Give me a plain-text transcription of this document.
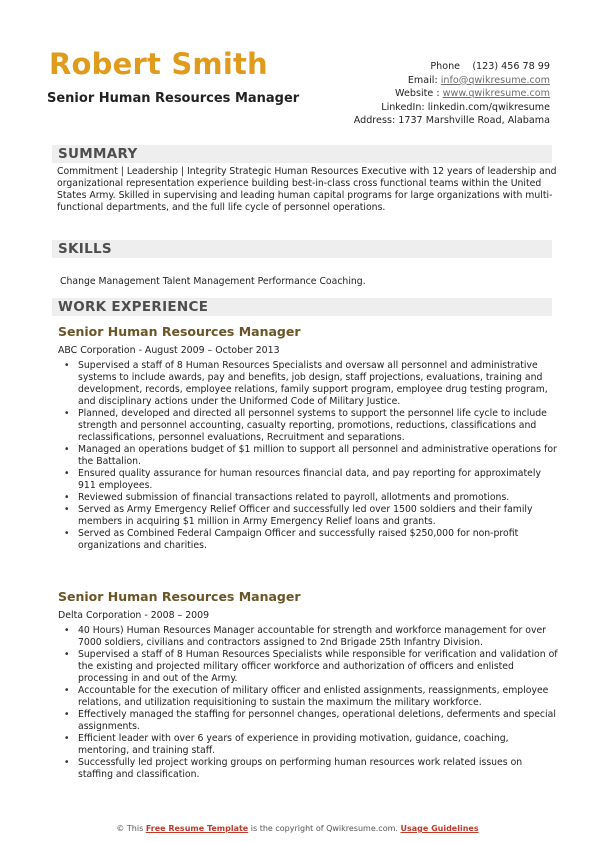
Robert Smith
Senior Human Resources Manager
Phone (123) 456 78 99
Email: info@qwikresume.com
Website : www.qwikresume.com
LinkedIn: linkedin.com/qwikresume
Address: 1737 Marshville Road, Alabama
SUMMARY
Commitment | Leadership | Integrity Strategic Human Resources Executive with 12 years of leadership and organizational representation experience building best-in-class cross functional teams within the United States Army. Skilled in supervising and leading human capital programs for large organizations with multi-functional departments, and the full life cycle of personnel operations.
SKILLS
Change Management Talent Management Performance Coaching.
WORK EXPERIENCE
Senior Human Resources Manager
ABC Corporation - August 2009 – October 2013
• Supervised a staff of 8 Human Resources Specialists and oversaw all personnel and administrative systems to include awards, pay and benefits, job design, staff projections, evaluations, training and development, records, employee relations, family support program, employee drug testing program, and disciplinary actions under the Uniformed Code of Military Justice.
• Planned, developed and directed all personnel systems to support the personnel life cycle to include strength and personnel accounting, casualty reporting, promotions, reductions, classifications and reclassifications, personnel evaluations, Recruitment and separations.
• Managed an operations budget of $1 million to support all personnel and administrative operations for the Battalion.
• Ensured quality assurance for human resources financial data, and pay reporting for approximately 911 employees.
• Reviewed submission of financial transactions related to payroll, allotments and promotions.
• Served as Army Emergency Relief Officer and successfully led over 1500 soldiers and their family members in acquiring $1 million in Army Emergency Relief loans and grants.
• Served as Combined Federal Campaign Officer and successfully raised $250,000 for non-profit organizations and charities.
Senior Human Resources Manager
Delta Corporation - 2008 – 2009
• 40 Hours) Human Resources Manager accountable for strength and workforce management for over 7000 soldiers, civilians and contractors assigned to 2nd Brigade 25th Infantry Division.
• Supervised a staff of 8 Human Resources Specialists while responsible for verification and validation of the existing and projected military officer workforce and authorization of officers and enlisted processing in and out of the Army.
• Accountable for the execution of military officer and enlisted assignments, reassignments, employee relations, and utilization requisitioning to sustain the maximum the military workforce.
• Effectively managed the staffing for personnel changes, operational deletions, deferments and special assignments.
• Efficient leader with over 6 years of experience in providing motivation, guidance, coaching, mentoring, and training staff.
• Successfully led project working groups on performing human resources work related issues on staffing and classification.
© This Free Resume Template is the copyright of Qwikresume.com. Usage Guidelines
